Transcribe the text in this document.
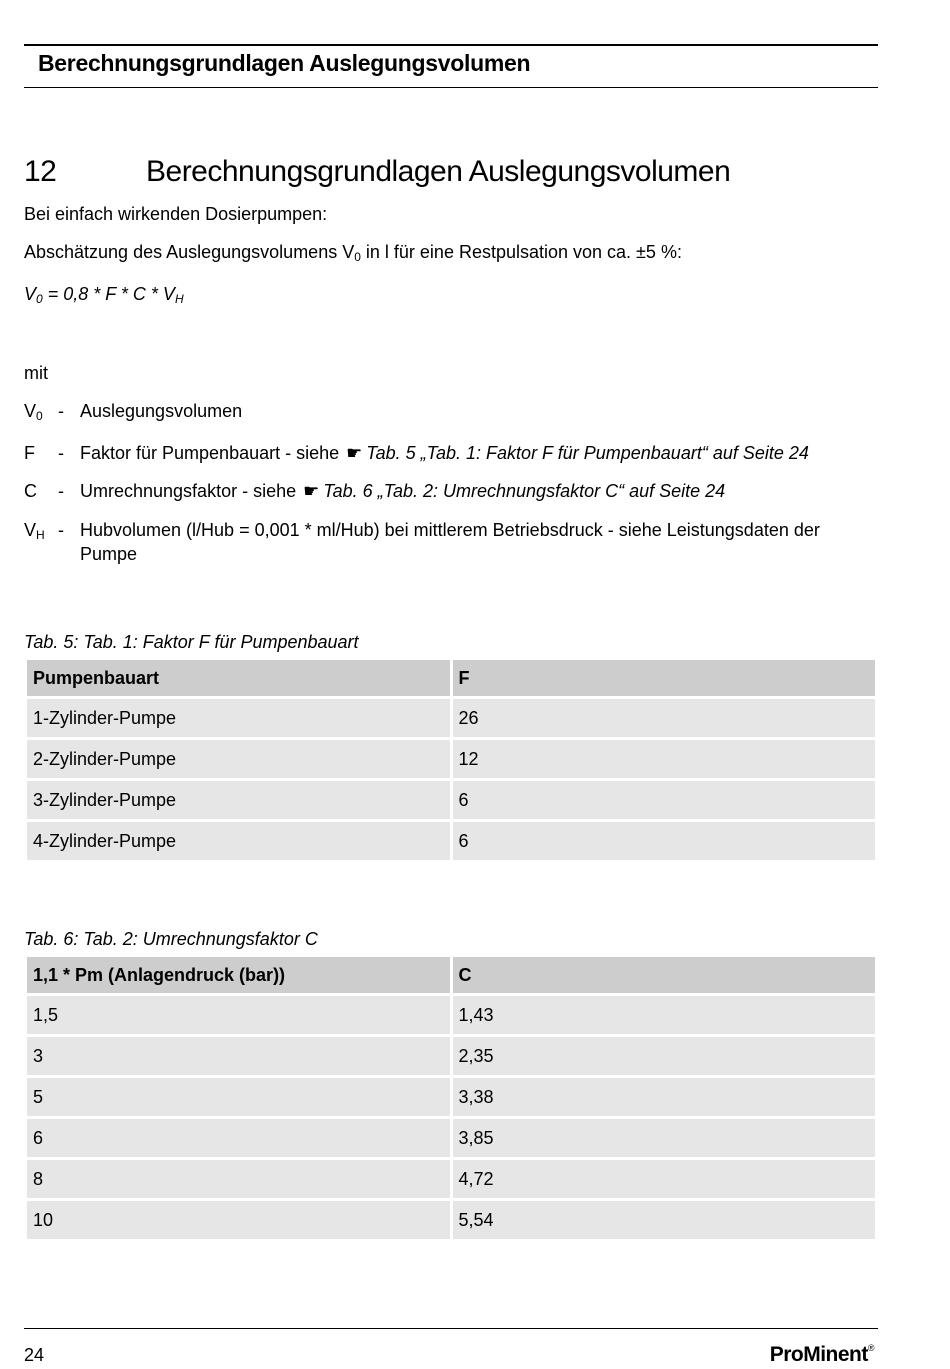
Berechnungsgrundlagen Auslegungsvolumen
12	Berechnungsgrundlagen Auslegungsvolumen
Bei einfach wirkenden Dosierpumpen:
Abschätzung des Auslegungsvolumens $V_0$ in l für eine Restpulsation von ca. ±5 %:
$V_0 = 0,8 * F * C * V_H$
mit
$V_0$ - Auslegungsvolumen
F - Faktor für Pumpenbauart - siehe ☛ Tab. 5 „Tab. 1: Faktor F für Pumpenbauart“ auf Seite 24
C - Umrechnungsfaktor - siehe ☛ Tab. 6 „Tab. 2: Umrechnungsfaktor C“ auf Seite 24
$V_H$ - Hubvolumen (l/Hub = 0,001 * ml/Hub) bei mittlerem Betriebsdruck - siehe Leistungsdaten der Pumpe
Tab. 5: Tab. 1: Faktor F für Pumpenbauart
Pumpenbauart	F
1-Zylinder-Pumpe	26
2-Zylinder-Pumpe	12
3-Zylinder-Pumpe	6
4-Zylinder-Pumpe	6
Tab. 6: Tab. 2: Umrechnungsfaktor C
1,1 * Pm (Anlagendruck (bar))	C
1,5	1,43
3	2,35
5	3,38
6	3,85
8	4,72
10	5,54
24	ProMinent®
